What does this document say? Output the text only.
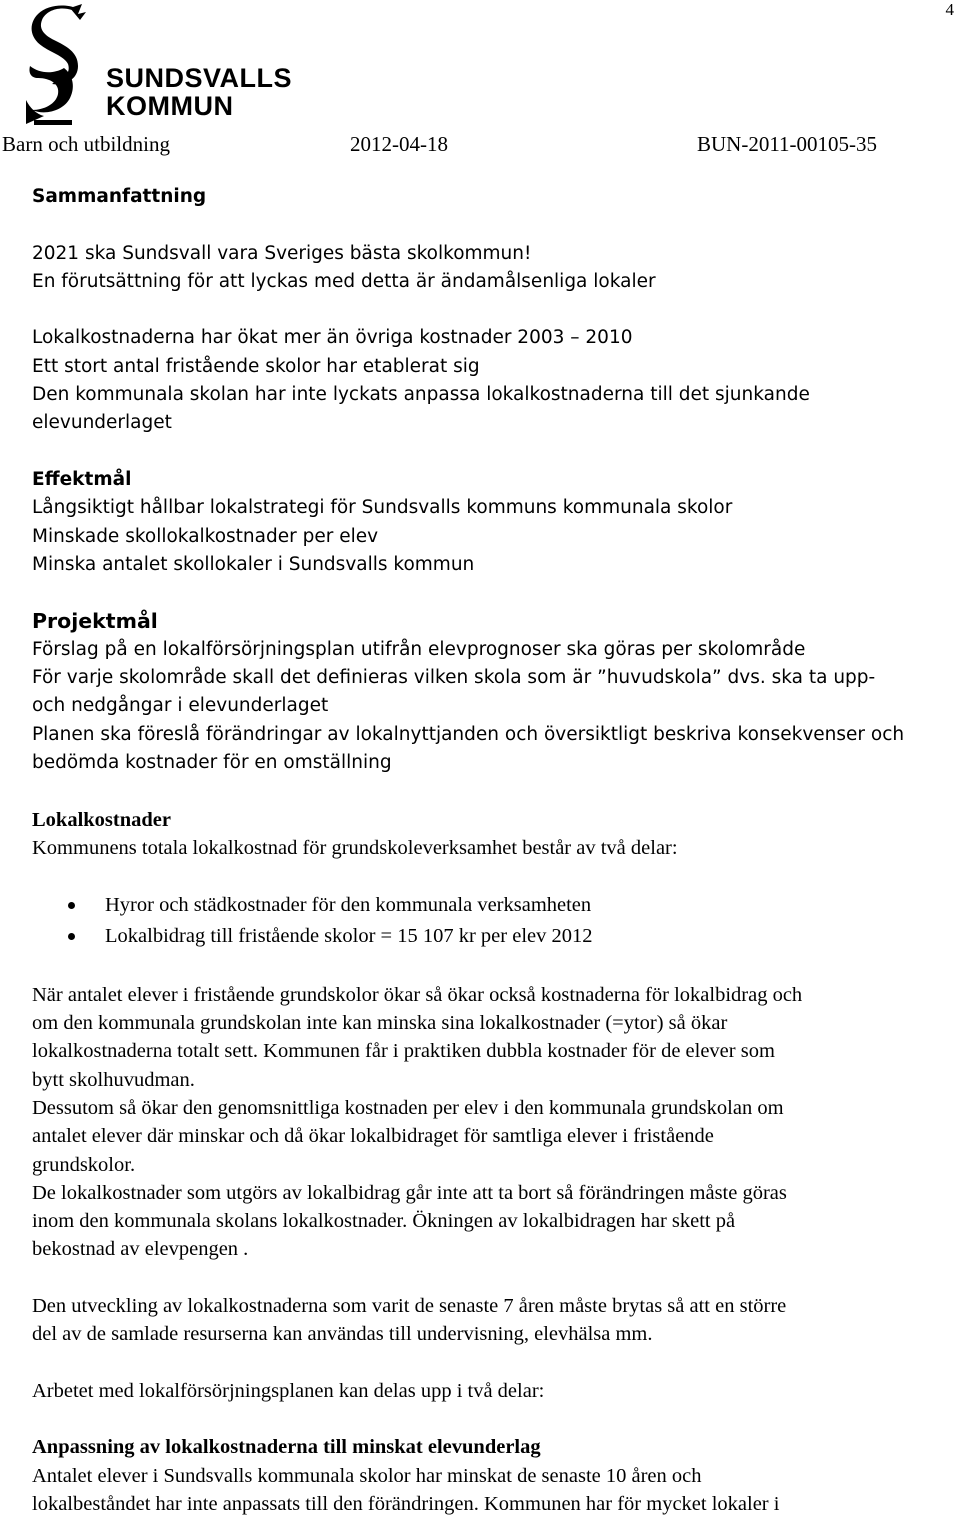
4
SUNDSVALLS
KOMMUN
Barn och utbildning	2012-04-18	BUN-2011-00105-35
Sammanfattning

2021 ska Sundsvall vara Sveriges bästa skolkommun!

En förutsättning för att lyckas med detta är ändamålsenliga lokaler

Lokalkostnaderna har ökat mer än övriga kostnader 2003 – 2010

Ett stort antal fristående skolor har etablerat sig

Den kommunala skolan har inte lyckats anpassa lokalkostnaderna till det sjunkande

elevunderlaget

Effektmål

Långsiktigt hållbar lokalstrategi för Sundsvalls kommuns kommunala skolor

Minskade skollokalkostnader per elev

Minska antalet skollokaler i Sundsvalls kommun

Projektmål

Förslag på en lokalförsörjningsplan utifrån elevprognoser ska göras per skolområde

För varje skolområde skall det definieras vilken skola som är ”huvudskola” dvs. ska ta upp-

och nedgångar i elevunderlaget

Planen ska föreslå förändringar av lokalnyttjanden och översiktligt beskriva konsekvenser och

bedömda kostnader för en omställning

Lokalkostnader

Kommunens totala lokalkostnad för grundskoleverksamhet består av två delar:

Hyror och städkostnader för den kommunala verksamheten
Lokalbidrag till fristående skolor = 15 107 kr per elev 2012

När antalet elever i fristående grundskolor ökar så ökar också kostnaderna för lokalbidrag och

om den kommunala grundskolan inte kan minska sina lokalkostnader (=ytor) så ökar

lokalkostnaderna totalt sett. Kommunen får i praktiken dubbla kostnader för de elever som

bytt skolhuvudman.

Dessutom så ökar den genomsnittliga kostnaden per elev i den kommunala grundskolan om

antalet elever där minskar och då ökar lokalbidraget för samtliga elever i fristående

grundskolor.

De lokalkostnader som utgörs av lokalbidrag går inte att ta bort så förändringen måste göras

inom den kommunala skolans lokalkostnader. Ökningen av lokalbidragen har skett på

bekostnad av elevpengen .

Den utveckling av lokalkostnaderna som varit de senaste 7 åren måste brytas så att en större

del av de samlade resurserna kan användas till undervisning, elevhälsa mm.

Arbetet med lokalförsörjningsplanen kan delas upp i två delar:

Anpassning av lokalkostnaderna till minskat elevunderlag

Antalet elever i Sundsvalls kommunala skolor har minskat de senaste 10 åren och

lokalbeståndet har inte anpassats till den förändringen. Kommunen har för mycket lokaler i
